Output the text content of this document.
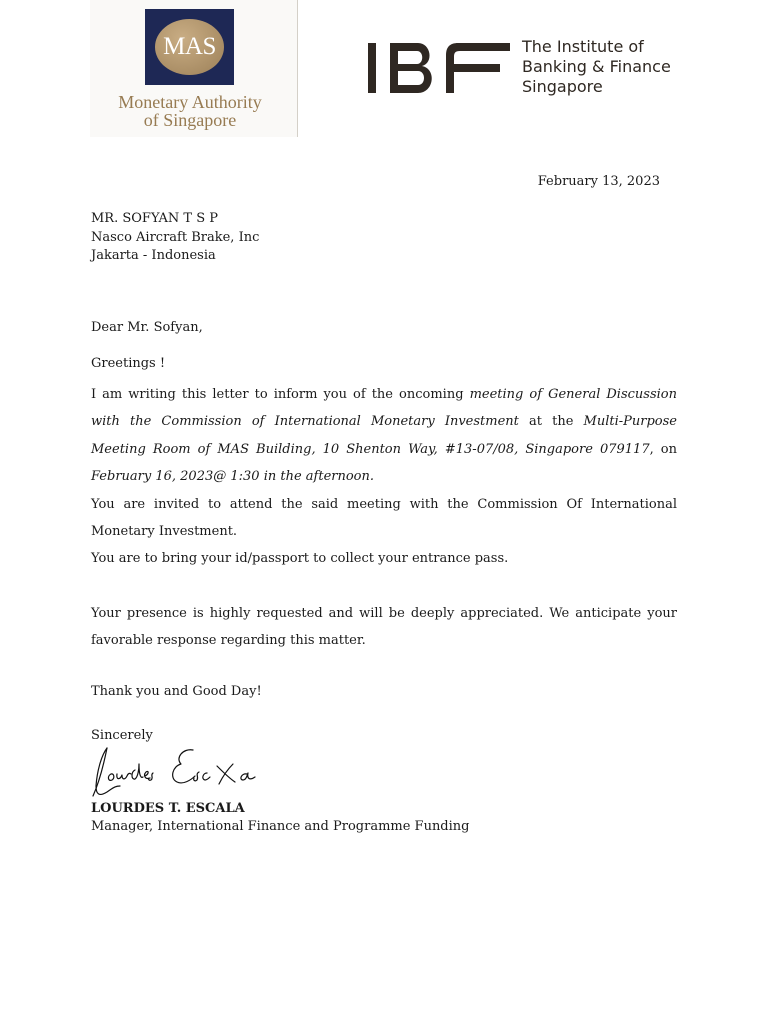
MAS
Monetary Authority
of Singapore
The Institute of
Banking & Finance
Singapore
February 13, 2023
MR. SOFYAN T S P
Nasco Aircraft Brake, Inc
Jakarta - Indonesia
Dear Mr. Sofyan,
Greetings !
I am writing this letter to inform you of the oncoming meeting of General Discussion with the Commission of International Monetary Investment at the Multi-Purpose Meeting Room of MAS Building, 10 Shenton Way, #13-07/08, Singapore 079117, on February 16, 2023@ 1:30 in the afternoon.
You are invited to attend the said meeting with the Commission Of International Monetary Investment.
You are to bring your id/passport to collect your entrance pass.
Your presence is highly requested and will be deeply appreciated. We anticipate your favorable response regarding this matter.
Thank you and Good Day!
Sincerely
LOURDES T. ESCALA
Manager, International Finance and Programme Funding
